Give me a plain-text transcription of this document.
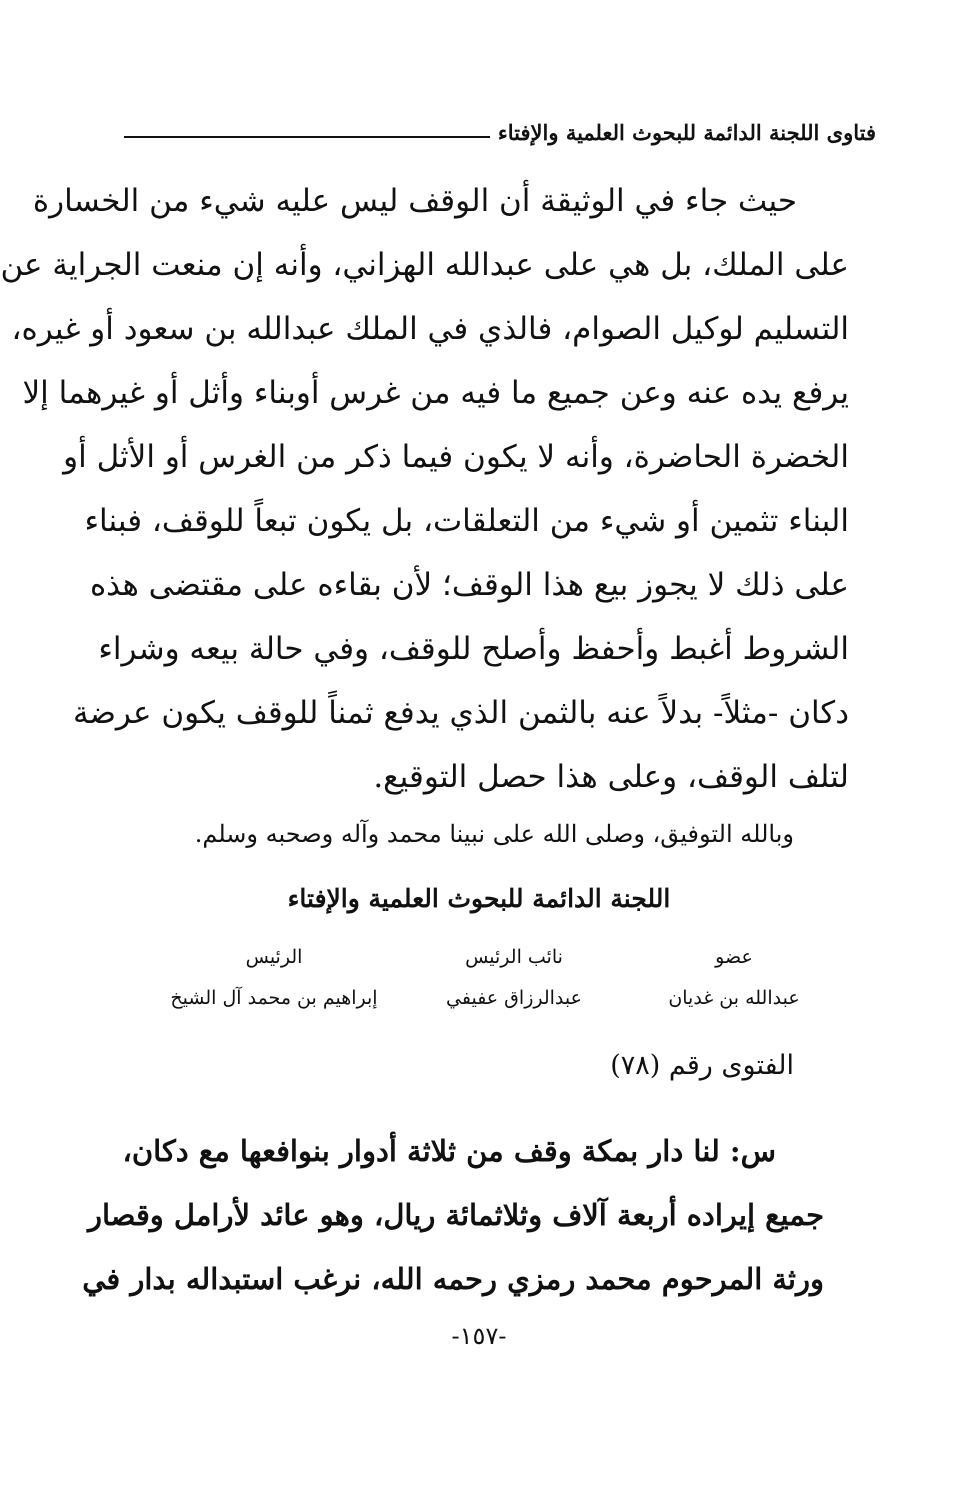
فتاوى اللجنة الدائمة للبحوث العلمية والإفتاء
حيث جاء في الوثيقة أن الوقف ليس عليه شيء من الخسارة
على الملك، بل هي على عبدالله الهزاني، وأنه إن منعت الجراية عن
التسليم لوكيل الصوام، فالذي في الملك عبدالله بن سعود أو غيره،
يرفع يده عنه وعن جميع ما فيه من غرس أوبناء وأثل أو غيرهما إلا
الخضرة الحاضرة، وأنه لا يكون فيما ذكر من الغرس أو الأثل أو
البناء تثمين أو شيء من التعلقات، بل يكون تبعاً للوقف، فبناء
على ذلك لا يجوز بيع هذا الوقف؛ لأن بقاءه على مقتضى هذه
الشروط أغبط وأحفظ وأصلح للوقف، وفي حالة بيعه وشراء
دكان -مثلاً- بدلاً عنه بالثمن الذي يدفع ثمناً للوقف يكون عرضة
لتلف الوقف، وعلى هذا حصل التوقيع.
وبالله التوفيق، وصلى الله على نبينا محمد وآله وصحبه وسلم.
اللجنة الدائمة للبحوث العلمية والإفتاء
عضو
عبدالله بن غديان
نائب الرئيس
عبدالرزاق عفيفي
الرئيس
إبراهيم بن محمد آل الشيخ
الفتوى رقم (٧٨)
س: لنا دار بمكة وقف من ثلاثة أدوار بنوافعها مع دكان،
جميع إيراده أربعة آلاف وثلاثمائة ريال، وهو عائد لأرامل وقصار
ورثة المرحوم محمد رمزي رحمه الله، نرغب استبداله بدار في
-١٥٧-
